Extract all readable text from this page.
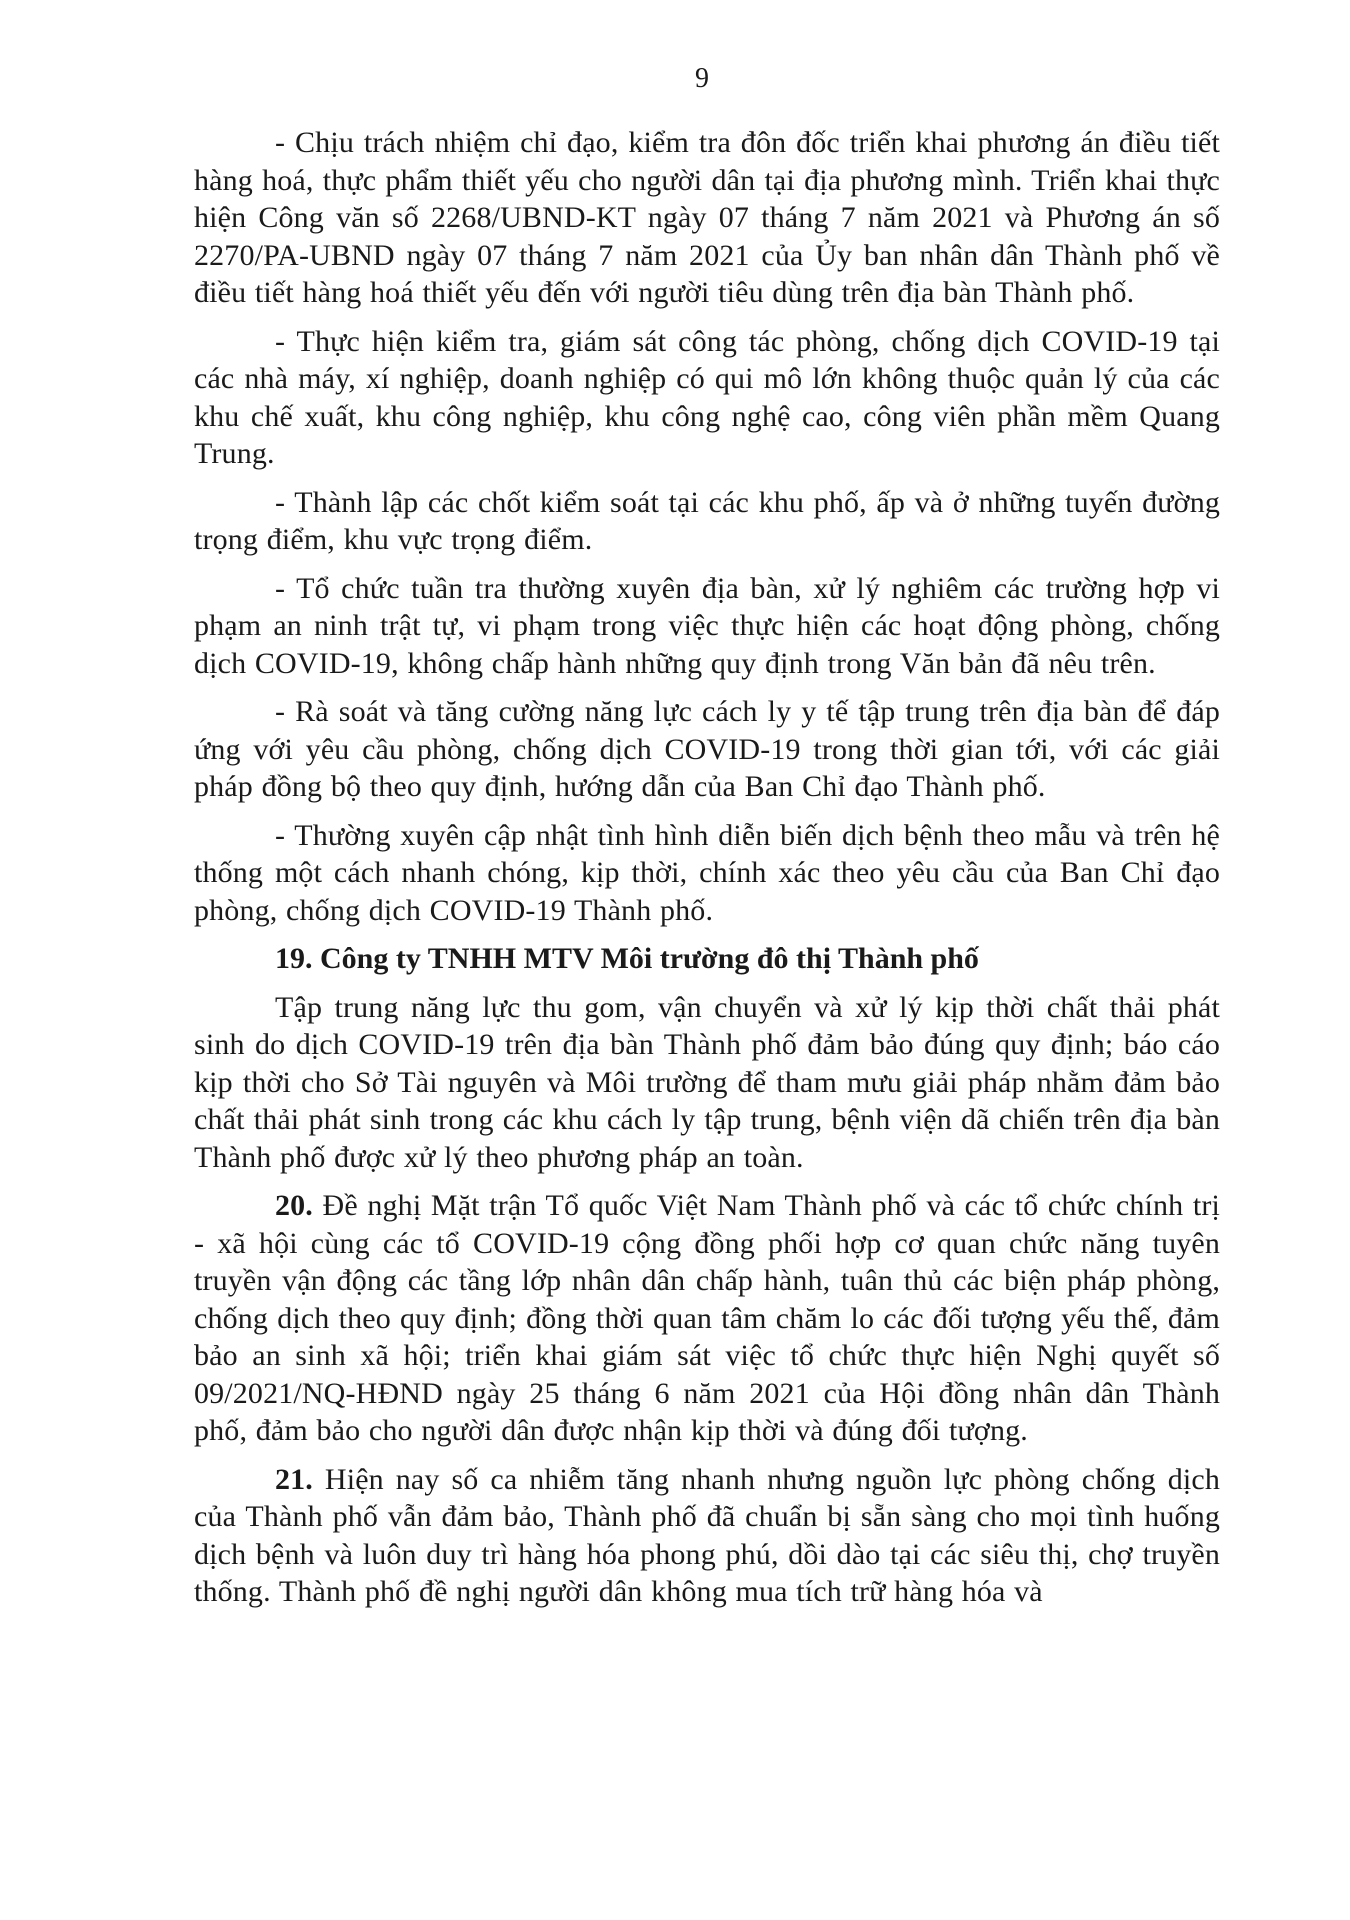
9

- Chịu trách nhiệm chỉ đạo, kiểm tra đôn đốc triển khai phương án điều tiết hàng hoá, thực phẩm thiết yếu cho người dân tại địa phương mình. Triển khai thực hiện Công văn số 2268/UBND-KT ngày 07 tháng 7 năm 2021 và Phương án số 2270/PA-UBND ngày 07 tháng 7 năm 2021 của Ủy ban nhân dân Thành phố về điều tiết hàng hoá thiết yếu đến với người tiêu dùng trên địa bàn Thành phố.

- Thực hiện kiểm tra, giám sát công tác phòng, chống dịch COVID-19 tại các nhà máy, xí nghiệp, doanh nghiệp có qui mô lớn không thuộc quản lý của các khu chế xuất, khu công nghiệp, khu công nghệ cao, công viên phần mềm Quang Trung.

- Thành lập các chốt kiểm soát tại các khu phố, ấp và ở những tuyến đường trọng điểm, khu vực trọng điểm.

- Tổ chức tuần tra thường xuyên địa bàn, xử lý nghiêm các trường hợp vi phạm an ninh trật tự, vi phạm trong việc thực hiện các hoạt động phòng, chống dịch COVID-19, không chấp hành những quy định trong Văn bản đã nêu trên.

- Rà soát và tăng cường năng lực cách ly y tế tập trung trên địa bàn để đáp ứng với yêu cầu phòng, chống dịch COVID-19 trong thời gian tới, với các giải pháp đồng bộ theo quy định, hướng dẫn của Ban Chỉ đạo Thành phố.

- Thường xuyên cập nhật tình hình diễn biến dịch bệnh theo mẫu và trên hệ thống một cách nhanh chóng, kịp thời, chính xác theo yêu cầu của Ban Chỉ đạo phòng, chống dịch COVID-19 Thành phố.

19. Công ty TNHH MTV Môi trường đô thị Thành phố

Tập trung năng lực thu gom, vận chuyển và xử lý kịp thời chất thải phát sinh do dịch COVID-19 trên địa bàn Thành phố đảm bảo đúng quy định; báo cáo kịp thời cho Sở Tài nguyên và Môi trường để tham mưu giải pháp nhằm đảm bảo chất thải phát sinh trong các khu cách ly tập trung, bệnh viện dã chiến trên địa bàn Thành phố được xử lý theo phương pháp an toàn.

20. Đề nghị Mặt trận Tổ quốc Việt Nam Thành phố và các tổ chức chính trị - xã hội cùng các tổ COVID-19 cộng đồng phối hợp cơ quan chức năng tuyên truyền vận động các tầng lớp nhân dân chấp hành, tuân thủ các biện pháp phòng, chống dịch theo quy định; đồng thời quan tâm chăm lo các đối tượng yếu thế, đảm bảo an sinh xã hội; triển khai giám sát việc tổ chức thực hiện Nghị quyết số 09/2021/NQ-HĐND ngày 25 tháng 6 năm 2021 của Hội đồng nhân dân Thành phố, đảm bảo cho người dân được nhận kịp thời và đúng đối tượng.

21. Hiện nay số ca nhiễm tăng nhanh nhưng nguồn lực phòng chống dịch của Thành phố vẫn đảm bảo, Thành phố đã chuẩn bị sẵn sàng cho mọi tình huống dịch bệnh và luôn duy trì hàng hóa phong phú, dồi dào tại các siêu thị, chợ truyền thống. Thành phố đề nghị người dân không mua tích trữ hàng hóa và
